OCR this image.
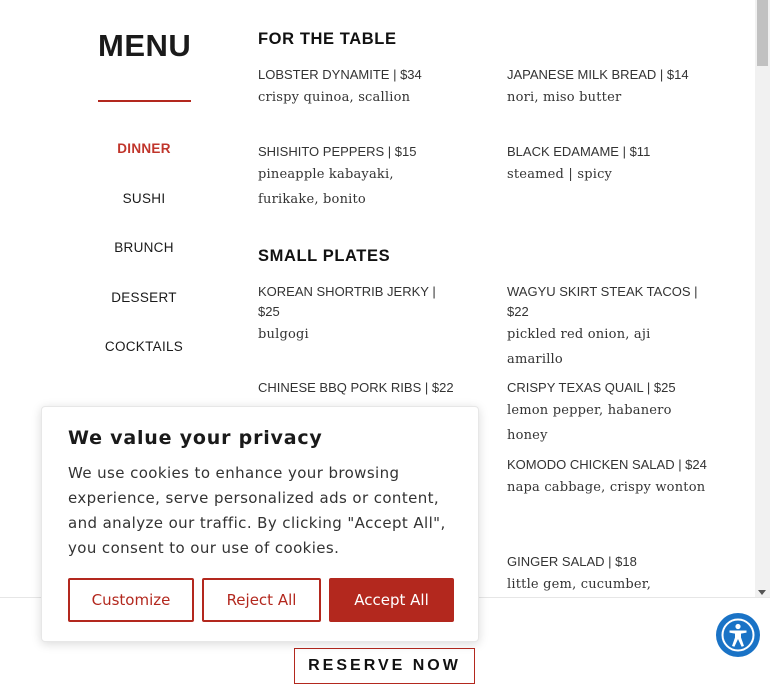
MENU
DINNER
SUSHI
BRUNCH
DESSERT
COCKTAILS
FOR THE TABLE
LOBSTER DYNAMITE | $34
crispy quinoa, scallion
JAPANESE MILK BREAD | $14
nori, miso butter
SHISHITO PEPPERS | $15
pineapple kabayaki, furikake, bonito
BLACK EDAMAME | $11
steamed | spicy
SMALL PLATES
KOREAN SHORTRIB JERKY | $25
bulgogi
WAGYU SKIRT STEAK TACOS | $22
pickled red onion, aji amarillo
CHINESE BBQ PORK RIBS | $22	CRISPY TEXAS QUAIL | $25
lemon pepper, habanero honey
KOMODO CHICKEN SALAD | $24
napa cabbage, crispy wonton
GINGER SALAD | $18
little gem, cucumber,
RESERVE NOW
We value your privacy
We use cookies to enhance your browsing experience, serve personalized ads or content, and analyze our traffic. By clicking "Accept All", you consent to our use of cookies.
Customize	Reject All	Accept All
